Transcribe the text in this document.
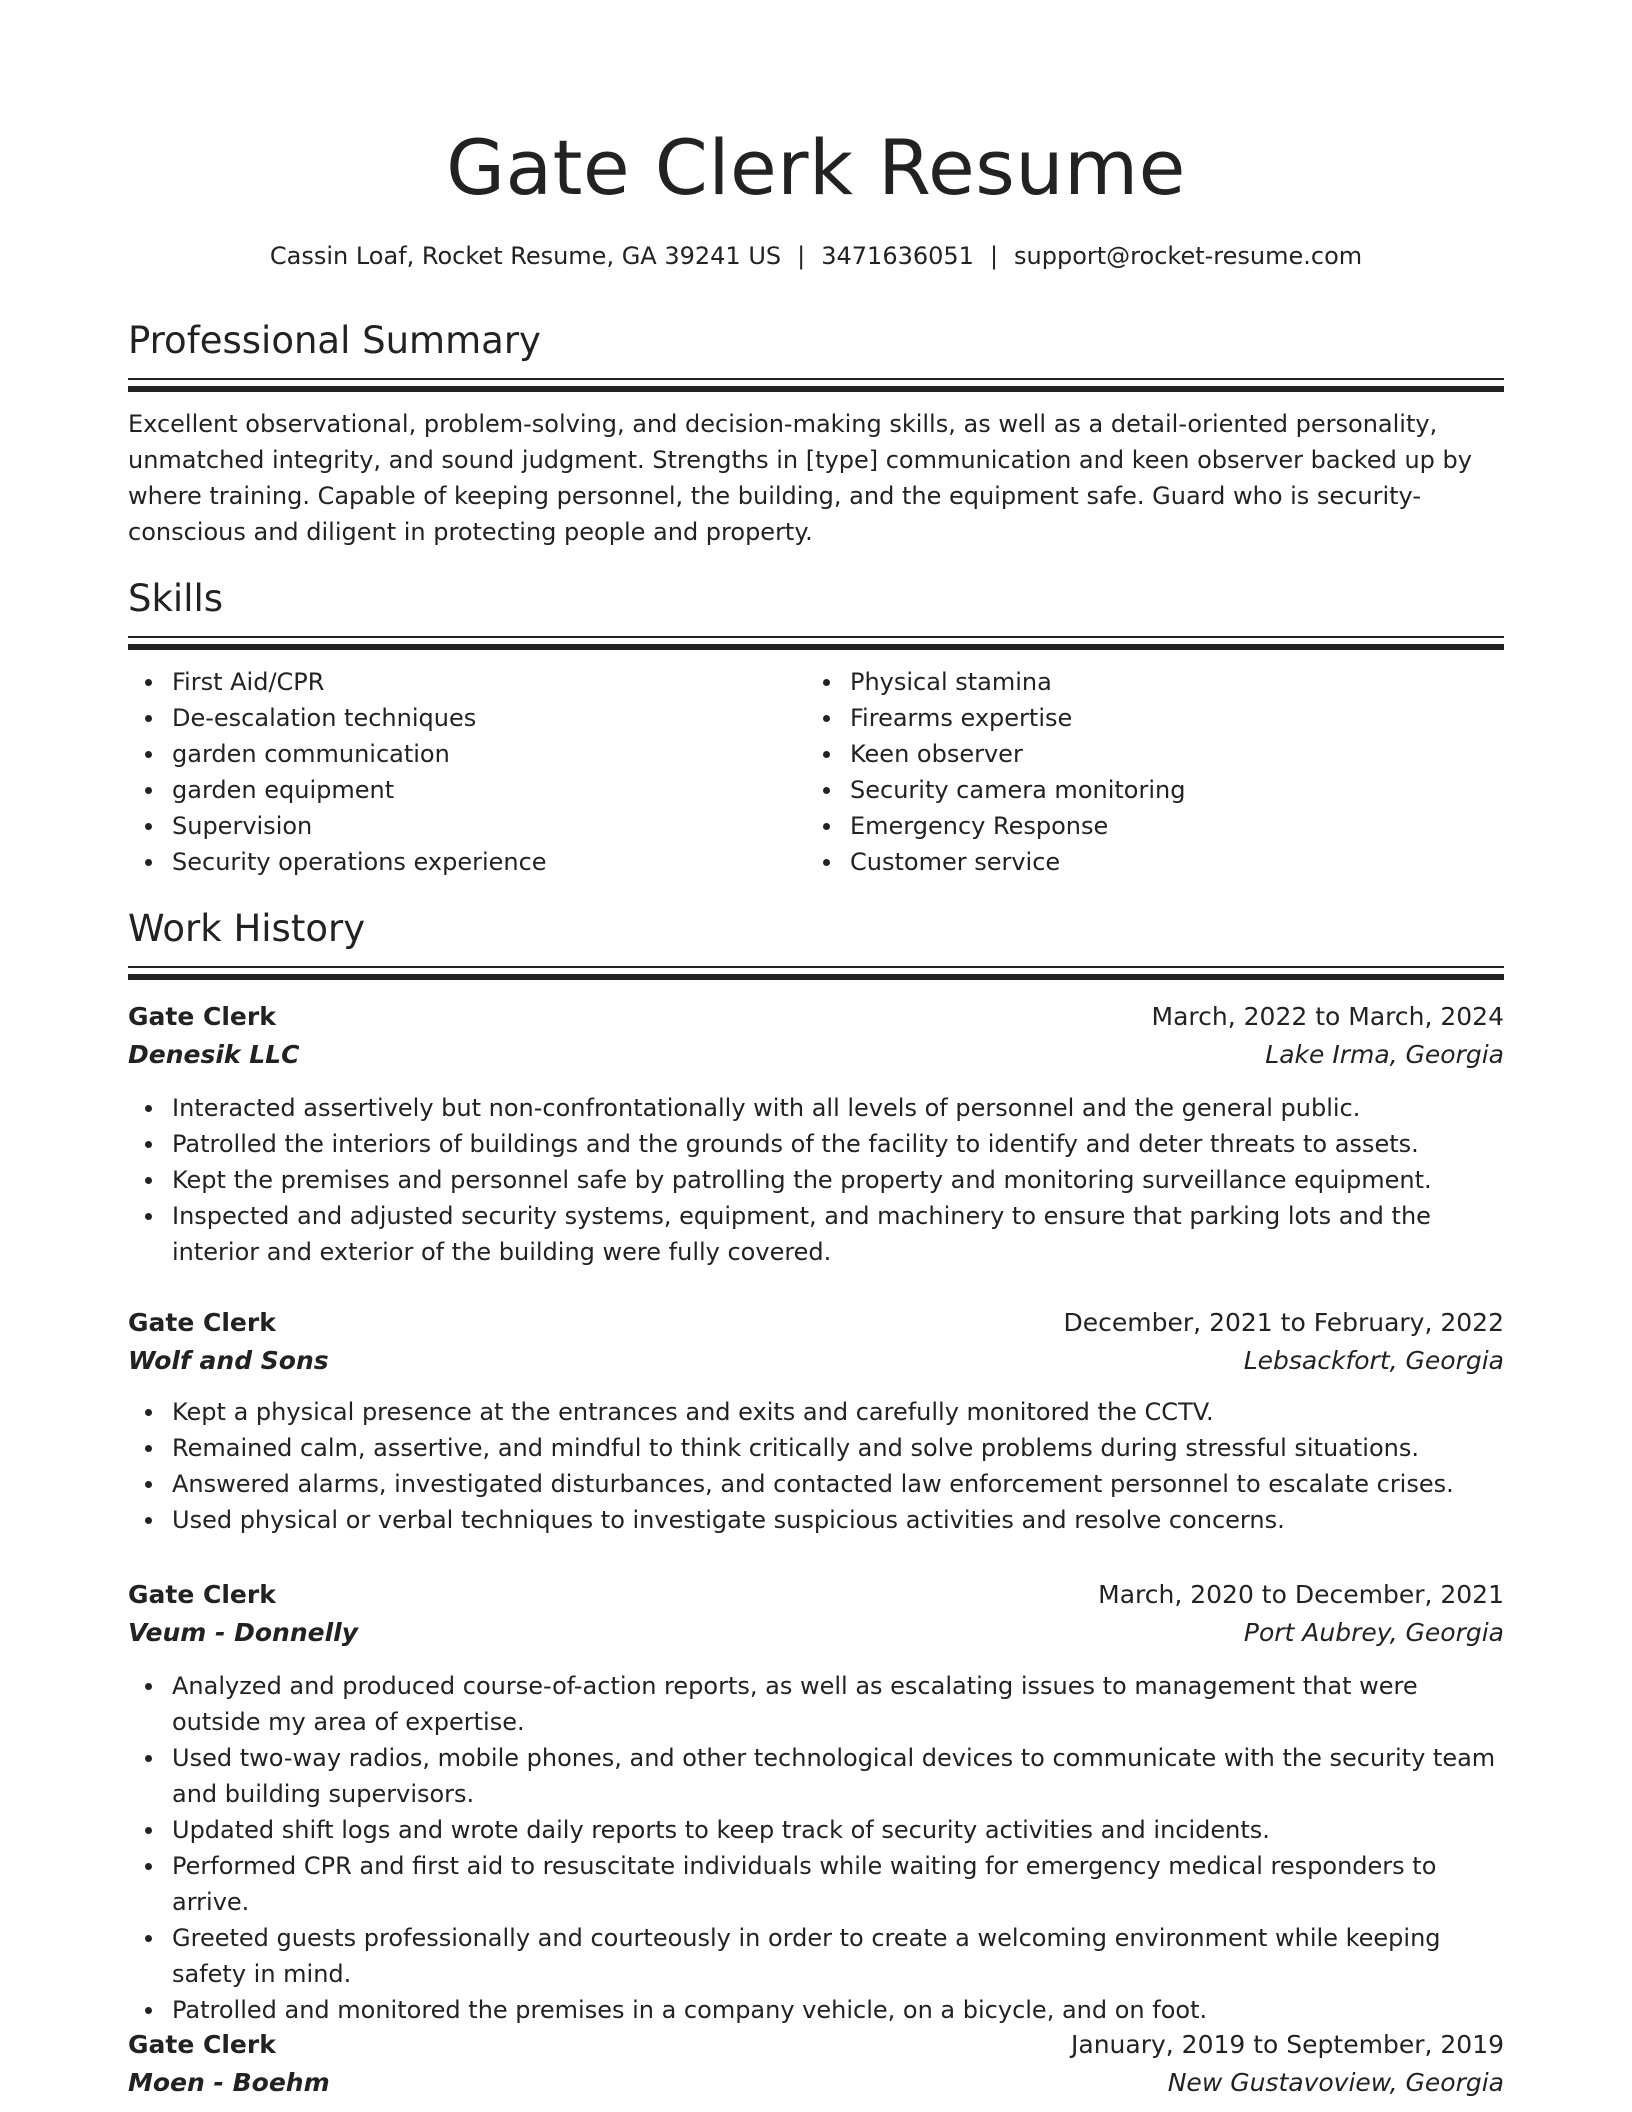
Gate Clerk Resume
Cassin Loaf, Rocket Resume, GA 39241 US | 3471636051 | support@rocket-resume.com
Professional Summary

Excellent observational, problem-solving, and decision-making skills, as well as a detail-oriented personality, unmatched integrity, and sound judgment. Strengths in [type] communication and keen observer backed up by where training. Capable of keeping personnel, the building, and the equipment safe. Guard who is security-conscious and diligent in protecting people and property.

Skills
First Aid/CPR
De-escalation techniques
garden communication
garden equipment
Supervision
Security operations experience
Physical stamina
Firearms expertise
Keen observer
Security camera monitoring
Emergency Response
Customer service
Work History
Gate Clerk	March, 2022 to March, 2024
Denesik LLC	Lake Irma, Georgia
Interacted assertively but non-confrontationally with all levels of personnel and the general public.
Patrolled the interiors of buildings and the grounds of the facility to identify and deter threats to assets.
Kept the premises and personnel safe by patrolling the property and monitoring surveillance equipment.
Inspected and adjusted security systems, equipment, and machinery to ensure that parking lots and the interior and exterior of the building were fully covered.
Gate Clerk	December, 2021 to February, 2022
Wolf and Sons	Lebsackfort, Georgia
Kept a physical presence at the entrances and exits and carefully monitored the CCTV.
Remained calm, assertive, and mindful to think critically and solve problems during stressful situations.
Answered alarms, investigated disturbances, and contacted law enforcement personnel to escalate crises.
Used physical or verbal techniques to investigate suspicious activities and resolve concerns.
Gate Clerk	March, 2020 to December, 2021
Veum - Donnelly	Port Aubrey, Georgia
Analyzed and produced course-of-action reports, as well as escalating issues to management that were outside my area of expertise.
Used two-way radios, mobile phones, and other technological devices to communicate with the security team and building supervisors.
Updated shift logs and wrote daily reports to keep track of security activities and incidents.
Performed CPR and first aid to resuscitate individuals while waiting for emergency medical responders to arrive.
Greeted guests professionally and courteously in order to create a welcoming environment while keeping safety in mind.
Patrolled and monitored the premises in a company vehicle, on a bicycle, and on foot.
Gate Clerk	January, 2019 to September, 2019
Moen - Boehm	New Gustavoview, Georgia
